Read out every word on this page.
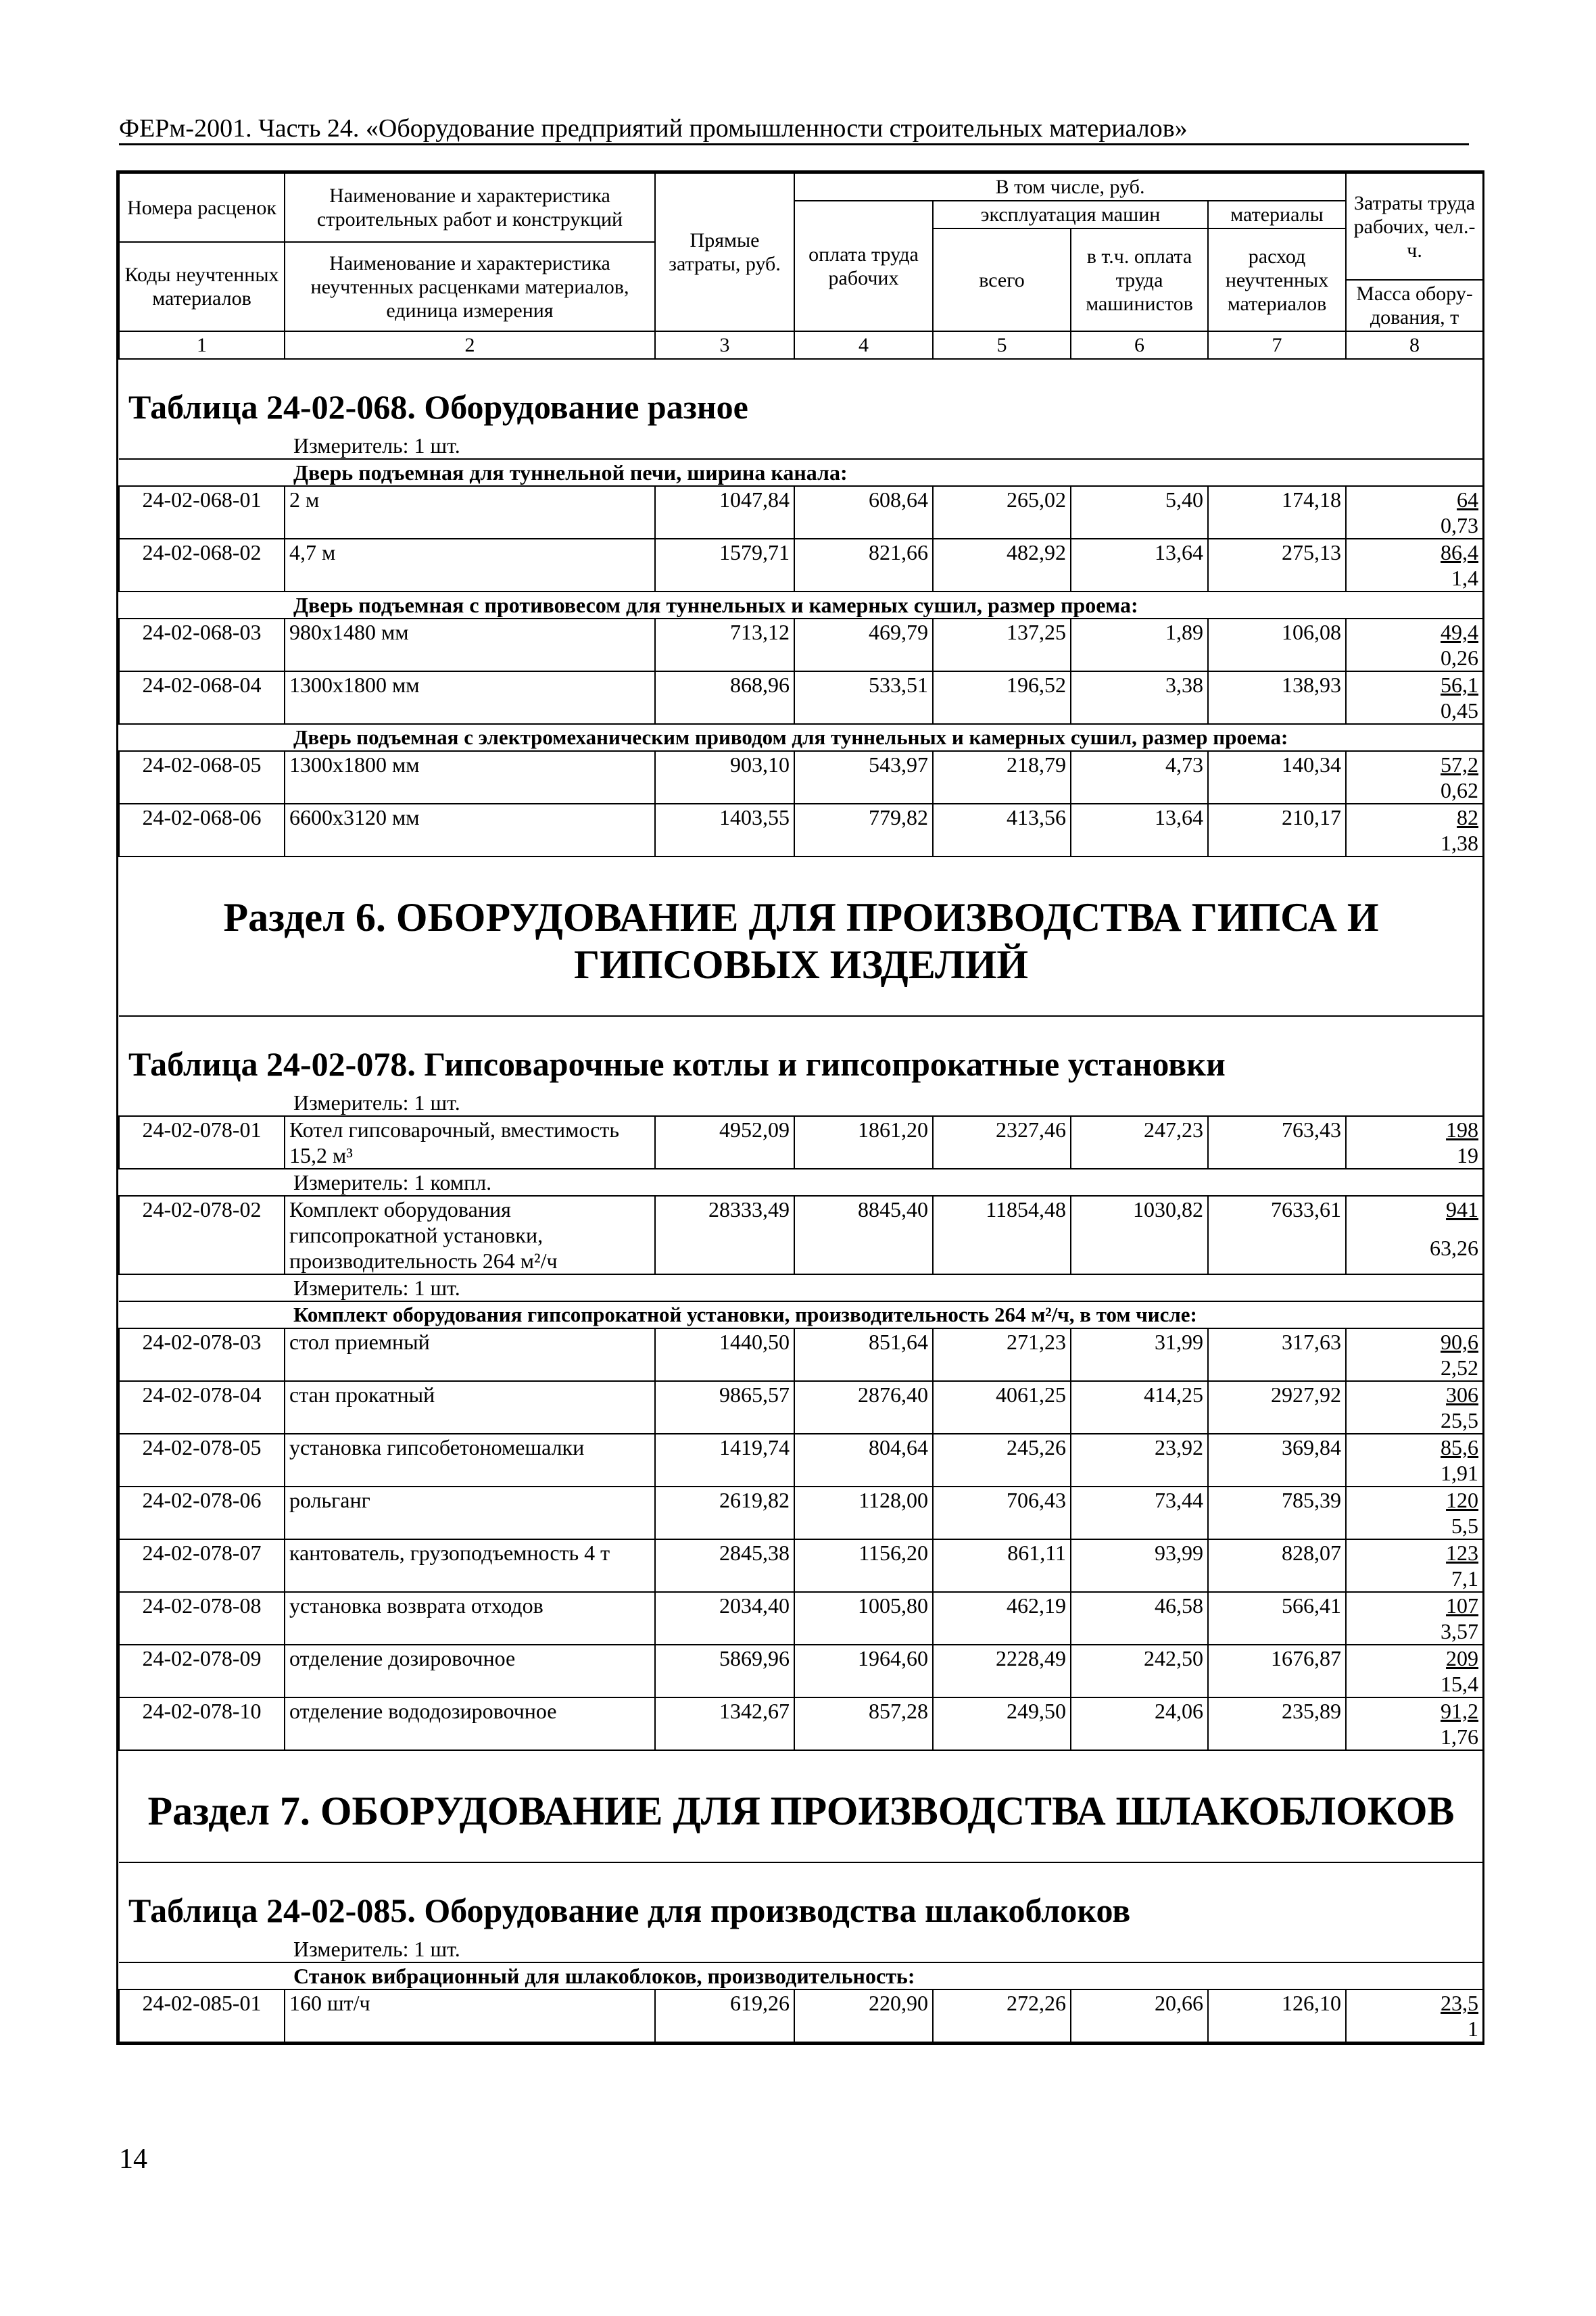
ФЕРм-2001. Часть 24. «Оборудование предприятий промышленности строительных материалов»
Номера расценок	Наименование и характеристика строительных работ и конструкций	Прямые затраты, руб.	В том числе, руб.				Затраты труда рабочих, чел.-ч.
			оплата труда рабочих	эксплуатация машин		материалы	
				всего	в т.ч. оплата труда машинистов	расход неучтенных материалов	
Коды неучтенных материалов	Наименование и характеристика неучтенных расценками материалов, единица измерения						
							Масса обору-дования, т

1	2	3	4	5	6	7	8
Таблица 24-02-068. Оборудование разное							
Измеритель: 1 шт.							
Дверь подъемная для туннельной печи, ширина канала:							
24-02-068-01	2 м	1047,84	608,64	265,02	5,40	174,18	64
							0,73
24-02-068-02	4,7 м	1579,71	821,66	482,92	13,64	275,13	86,4
							1,4
Дверь подъемная с противовесом для туннельных и камерных сушил, размер проема:							
24-02-068-03	980x1480 мм	713,12	469,79	137,25	1,89	106,08	49,4
							0,26
24-02-068-04	1300x1800 мм	868,96	533,51	196,52	3,38	138,93	56,1
							0,45
Дверь подъемная с электромеханическим приводом для туннельных и камерных сушил, размер проема:							
24-02-068-05	1300x1800 мм	903,10	543,97	218,79	4,73	140,34	57,2
							0,62
24-02-068-06	6600x3120 мм	1403,55	779,82	413,56	13,64	210,17	82
							1,38
Раздел 6. ОБОРУДОВАНИЕ ДЛЯ ПРОИЗВОДСТВА ГИПСА И ГИПСОВЫХ ИЗДЕЛИЙ							
Таблица 24-02-078. Гипсоварочные котлы и гипсопрокатные установки							
Измеритель: 1 шт.							
24-02-078-01	Котел гипсоварочный, вместимость 15,2 м³	4952,09	1861,20	2327,46	247,23	763,43	198
							19
Измеритель: 1 компл.							
24-02-078-02	Комплект оборудования гипсопрокатной установки, производительность 264 м²/ч	28333,49	8845,40	11854,48	1030,82	7633,61	941
							63,26
Измеритель: 1 шт.							
Комплект оборудования гипсопрокатной установки, производительность 264 м²/ч, в том числе:							
24-02-078-03	стол приемный	1440,50	851,64	271,23	31,99	317,63	90,6
							2,52
24-02-078-04	стан прокатный	9865,57	2876,40	4061,25	414,25	2927,92	306
							25,5
24-02-078-05	установка гипсобетономешалки	1419,74	804,64	245,26	23,92	369,84	85,6
							1,91
24-02-078-06	рольганг	2619,82	1128,00	706,43	73,44	785,39	120
							5,5
24-02-078-07	кантователь, грузоподъемность 4 т	2845,38	1156,20	861,11	93,99	828,07	123
							7,1
24-02-078-08	установка возврата отходов	2034,40	1005,80	462,19	46,58	566,41	107
							3,57
24-02-078-09	отделение дозировочное	5869,96	1964,60	2228,49	242,50	1676,87	209
							15,4
24-02-078-10	отделение вододозировочное	1342,67	857,28	249,50	24,06	235,89	91,2
							1,76
Раздел 7. ОБОРУДОВАНИЕ ДЛЯ ПРОИЗВОДСТВА ШЛАКОБЛОКОВ							
Таблица 24-02-085. Оборудование для производства шлакоблоков							
Измеритель: 1 шт.							
Станок вибрационный для шлакоблоков, производительность:							
24-02-085-01	160 шт/ч	619,26	220,90	272,26	20,66	126,10	23,5
							1
14
